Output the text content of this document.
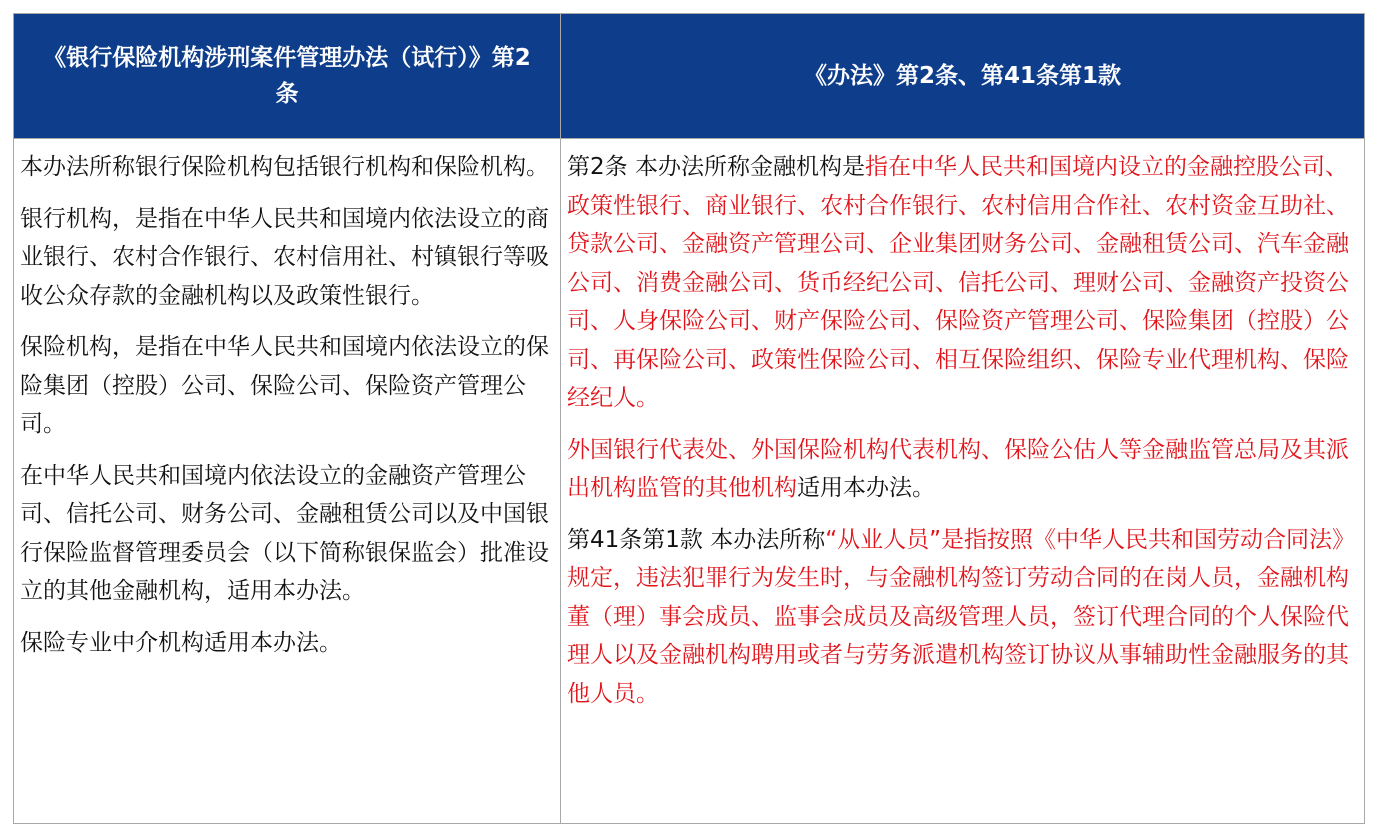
《银行保险机构涉刑案件管理办法（试行）》第2条
《办法》第2条、第41条第1款

本办法所称银行保险机构包括银行机构和保险机构。

银行机构，是指在中华人民共和国境内依法设立的商业银行、农村合作银行、农村信用社、村镇银行等吸收公众存款的金融机构以及政策性银行。

保险机构，是指在中华人民共和国境内依法设立的保险集团（控股）公司、保险公司、保险资产管理公司。

在中华人民共和国境内依法设立的金融资产管理公司、信托公司、财务公司、金融租赁公司以及中国银行保险监督管理委员会（以下简称银保监会）批准设立的其他金融机构，适用本办法。

保险专业中介机构适用本办法。

第2条 本办法所称金融机构是指在中华人民共和国境内设立的金融控股公司、政策性银行、商业银行、农村合作银行、农村信用合作社、农村资金互助社、贷款公司、金融资产管理公司、企业集团财务公司、金融租赁公司、汽车金融公司、消费金融公司、货币经纪公司、信托公司、理财公司、金融资产投资公司、人身保险公司、财产保险公司、保险资产管理公司、保险集团（控股）公司、再保险公司、政策性保险公司、相互保险组织、保险专业代理机构、保险经纪人。

外国银行代表处、外国保险机构代表机构、保险公估人等金融监管总局及其派出机构监管的其他机构适用本办法。

第41条第1款 本办法所称“从业人员”是指按照《中华人民共和国劳动合同法》规定，违法犯罪行为发生时，与金融机构签订劳动合同的在岗人员，金融机构董（理）事会成员、监事会成员及高级管理人员，签订代理合同的个人保险代理人以及金融机构聘用或者与劳务派遣机构签订协议从事辅助性金融服务的其他人员。
